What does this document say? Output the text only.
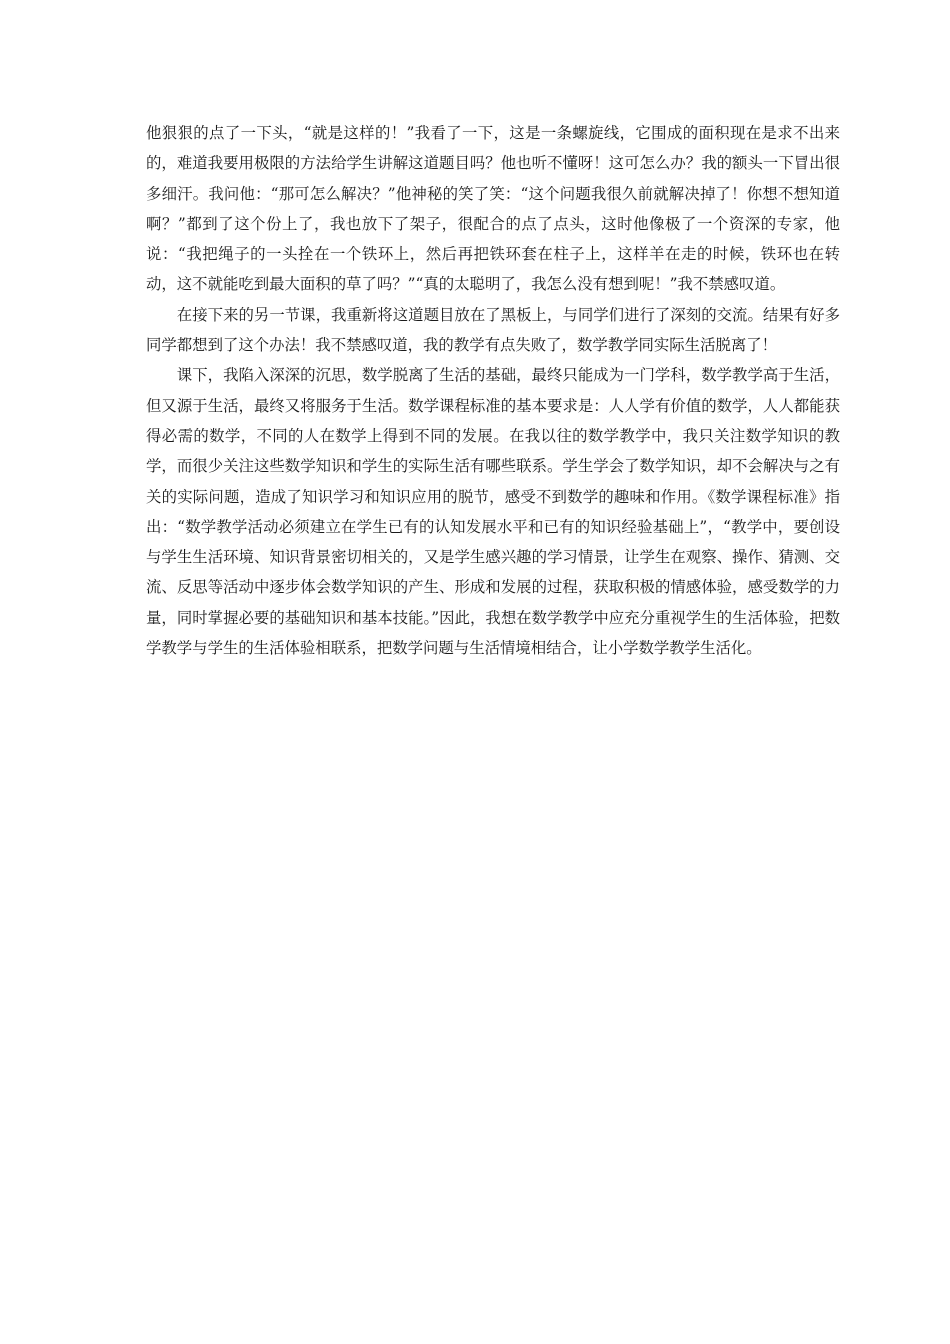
他狠狠的点了一下头，“就是这样的！”我看了一下，这是一条螺旋线，它围成的面积现在是求不出来的，难道我要用极限的方法给学生讲解这道题目吗？他也听不懂呀！这可怎么办？我的额头一下冒出很多细汗。我问他：“那可怎么解决？”他神秘的笑了笑：“这个问题我很久前就解决掉了！你想不想知道啊？”都到了这个份上了，我也放下了架子，很配合的点了点头，这时他像极了一个资深的专家，他说：“我把绳子的一头拴在一个铁环上，然后再把铁环套在柱子上，这样羊在走的时候，铁环也在转动，这不就能吃到最大面积的草了吗？”“真的太聪明了，我怎么没有想到呢！”我不禁感叹道。

在接下来的另一节课，我重新将这道题目放在了黑板上，与同学们进行了深刻的交流。结果有好多同学都想到了这个办法！我不禁感叹道，我的教学有点失败了，数学教学同实际生活脱离了！

课下，我陷入深深的沉思，数学脱离了生活的基础，最终只能成为一门学科，数学教学高于生活，但又源于生活，最终又将服务于生活。数学课程标准的基本要求是：人人学有价值的数学，人人都能获得必需的数学，不同的人在数学上得到不同的发展。在我以往的数学教学中，我只关注数学知识的教学，而很少关注这些数学知识和学生的实际生活有哪些联系。学生学会了数学知识，却不会解决与之有关的实际问题，造成了知识学习和知识应用的脱节，感受不到数学的趣味和作用。《数学课程标准》指出：“数学教学活动必须建立在学生已有的认知发展水平和已有的知识经验基础上”，“教学中，要创设与学生生活环境、知识背景密切相关的，又是学生感兴趣的学习情景，让学生在观察、操作、猜测、交流、反思等活动中逐步体会数学知识的产生、形成和发展的过程，获取积极的情感体验，感受数学的力量，同时掌握必要的基础知识和基本技能。”因此，我想在数学教学中应充分重视学生的生活体验，把数学教学与学生的生活体验相联系，把数学问题与生活情境相结合，让小学数学教学生活化。
